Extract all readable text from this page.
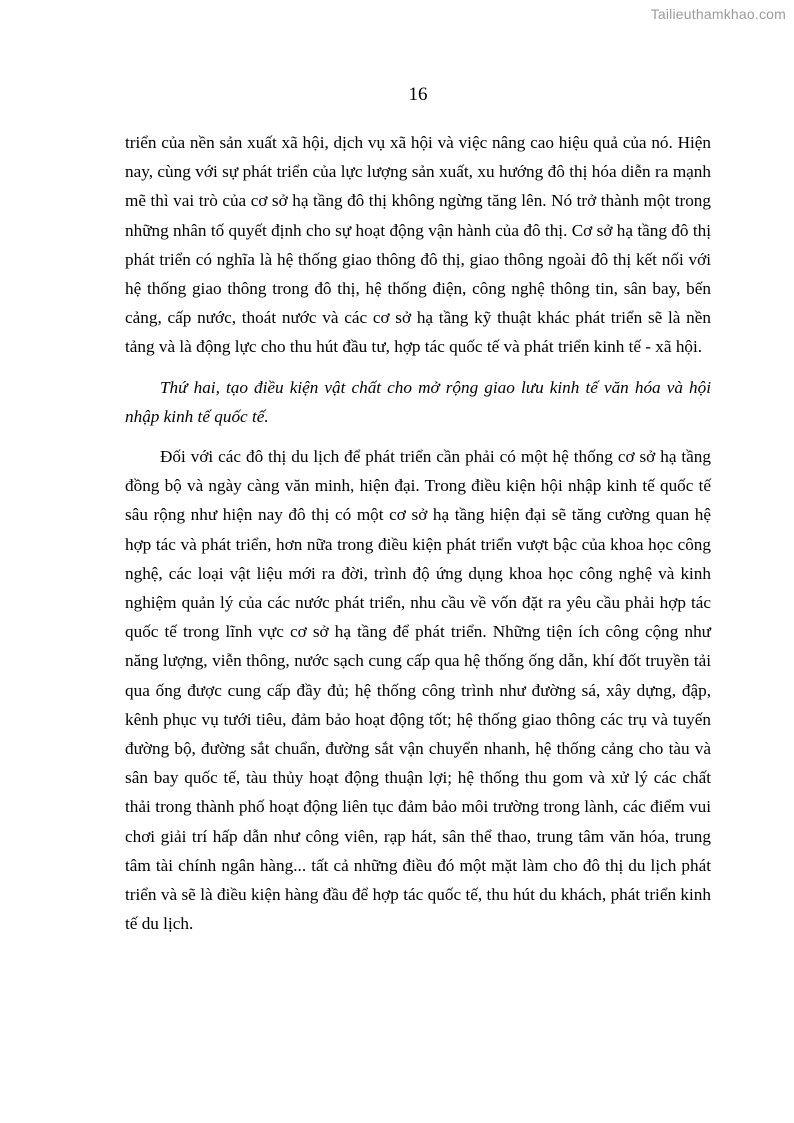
Tailieuthamkhao.com
16

triển của nền sản xuất xã hội, dịch vụ xã hội và việc nâng cao hiệu quả của nó. Hiện nay, cùng với sự phát triển của lực lượng sản xuất, xu hướng đô thị hóa diễn ra mạnh mẽ thì vai trò của cơ sở hạ tầng đô thị không ngừng tăng lên. Nó trở thành một trong những nhân tố quyết định cho sự hoạt động vận hành của đô thị. Cơ sở hạ tầng đô thị phát triển có nghĩa là hệ thống giao thông đô thị, giao thông ngoài đô thị kết nối với hệ thống giao thông trong đô thị, hệ thống điện, công nghệ thông tin, sân bay, bến cảng, cấp nước, thoát nước và các cơ sở hạ tầng kỹ thuật khác phát triển sẽ là nền tảng và là động lực cho thu hút đầu tư, hợp tác quốc tế và phát triển kinh tế - xã hội.

Thứ hai, tạo điều kiện vật chất cho mở rộng giao lưu kinh tế văn hóa và hội nhập kinh tế quốc tế.

Đối với các đô thị du lịch để phát triển cần phải có một hệ thống cơ sở hạ tầng đồng bộ và ngày càng văn minh, hiện đại. Trong điều kiện hội nhập kinh tế quốc tế sâu rộng như hiện nay đô thị có một cơ sở hạ tầng hiện đại sẽ tăng cường quan hệ hợp tác và phát triển, hơn nữa trong điều kiện phát triển vượt bậc của khoa học công nghệ, các loại vật liệu mới ra đời, trình độ ứng dụng khoa học công nghệ và kinh nghiệm quản lý của các nước phát triển, nhu cầu về vốn đặt ra yêu cầu phải hợp tác quốc tế trong lĩnh vực cơ sở hạ tầng để phát triển. Những tiện ích công cộng như năng lượng, viễn thông, nước sạch cung cấp qua hệ thống ống dẫn, khí đốt truyền tải qua ống được cung cấp đầy đủ; hệ thống công trình như đường sá, xây dựng, đập, kênh phục vụ tưới tiêu, đảm bảo hoạt động tốt; hệ thống giao thông các trụ và tuyến đường bộ, đường sắt chuẩn, đường sắt vận chuyển nhanh, hệ thống cảng cho tàu và sân bay quốc tế, tàu thủy hoạt động thuận lợi; hệ thống thu gom và xử lý các chất thải trong thành phố hoạt động liên tục đảm bảo môi trường trong lành, các điểm vui chơi giải trí hấp dẫn như công viên, rạp hát, sân thể thao, trung tâm văn hóa, trung tâm tài chính ngân hàng... tất cả những điều đó một mặt làm cho đô thị du lịch phát triển và sẽ là điều kiện hàng đầu để hợp tác quốc tế, thu hút du khách, phát triển kinh tế du lịch.
